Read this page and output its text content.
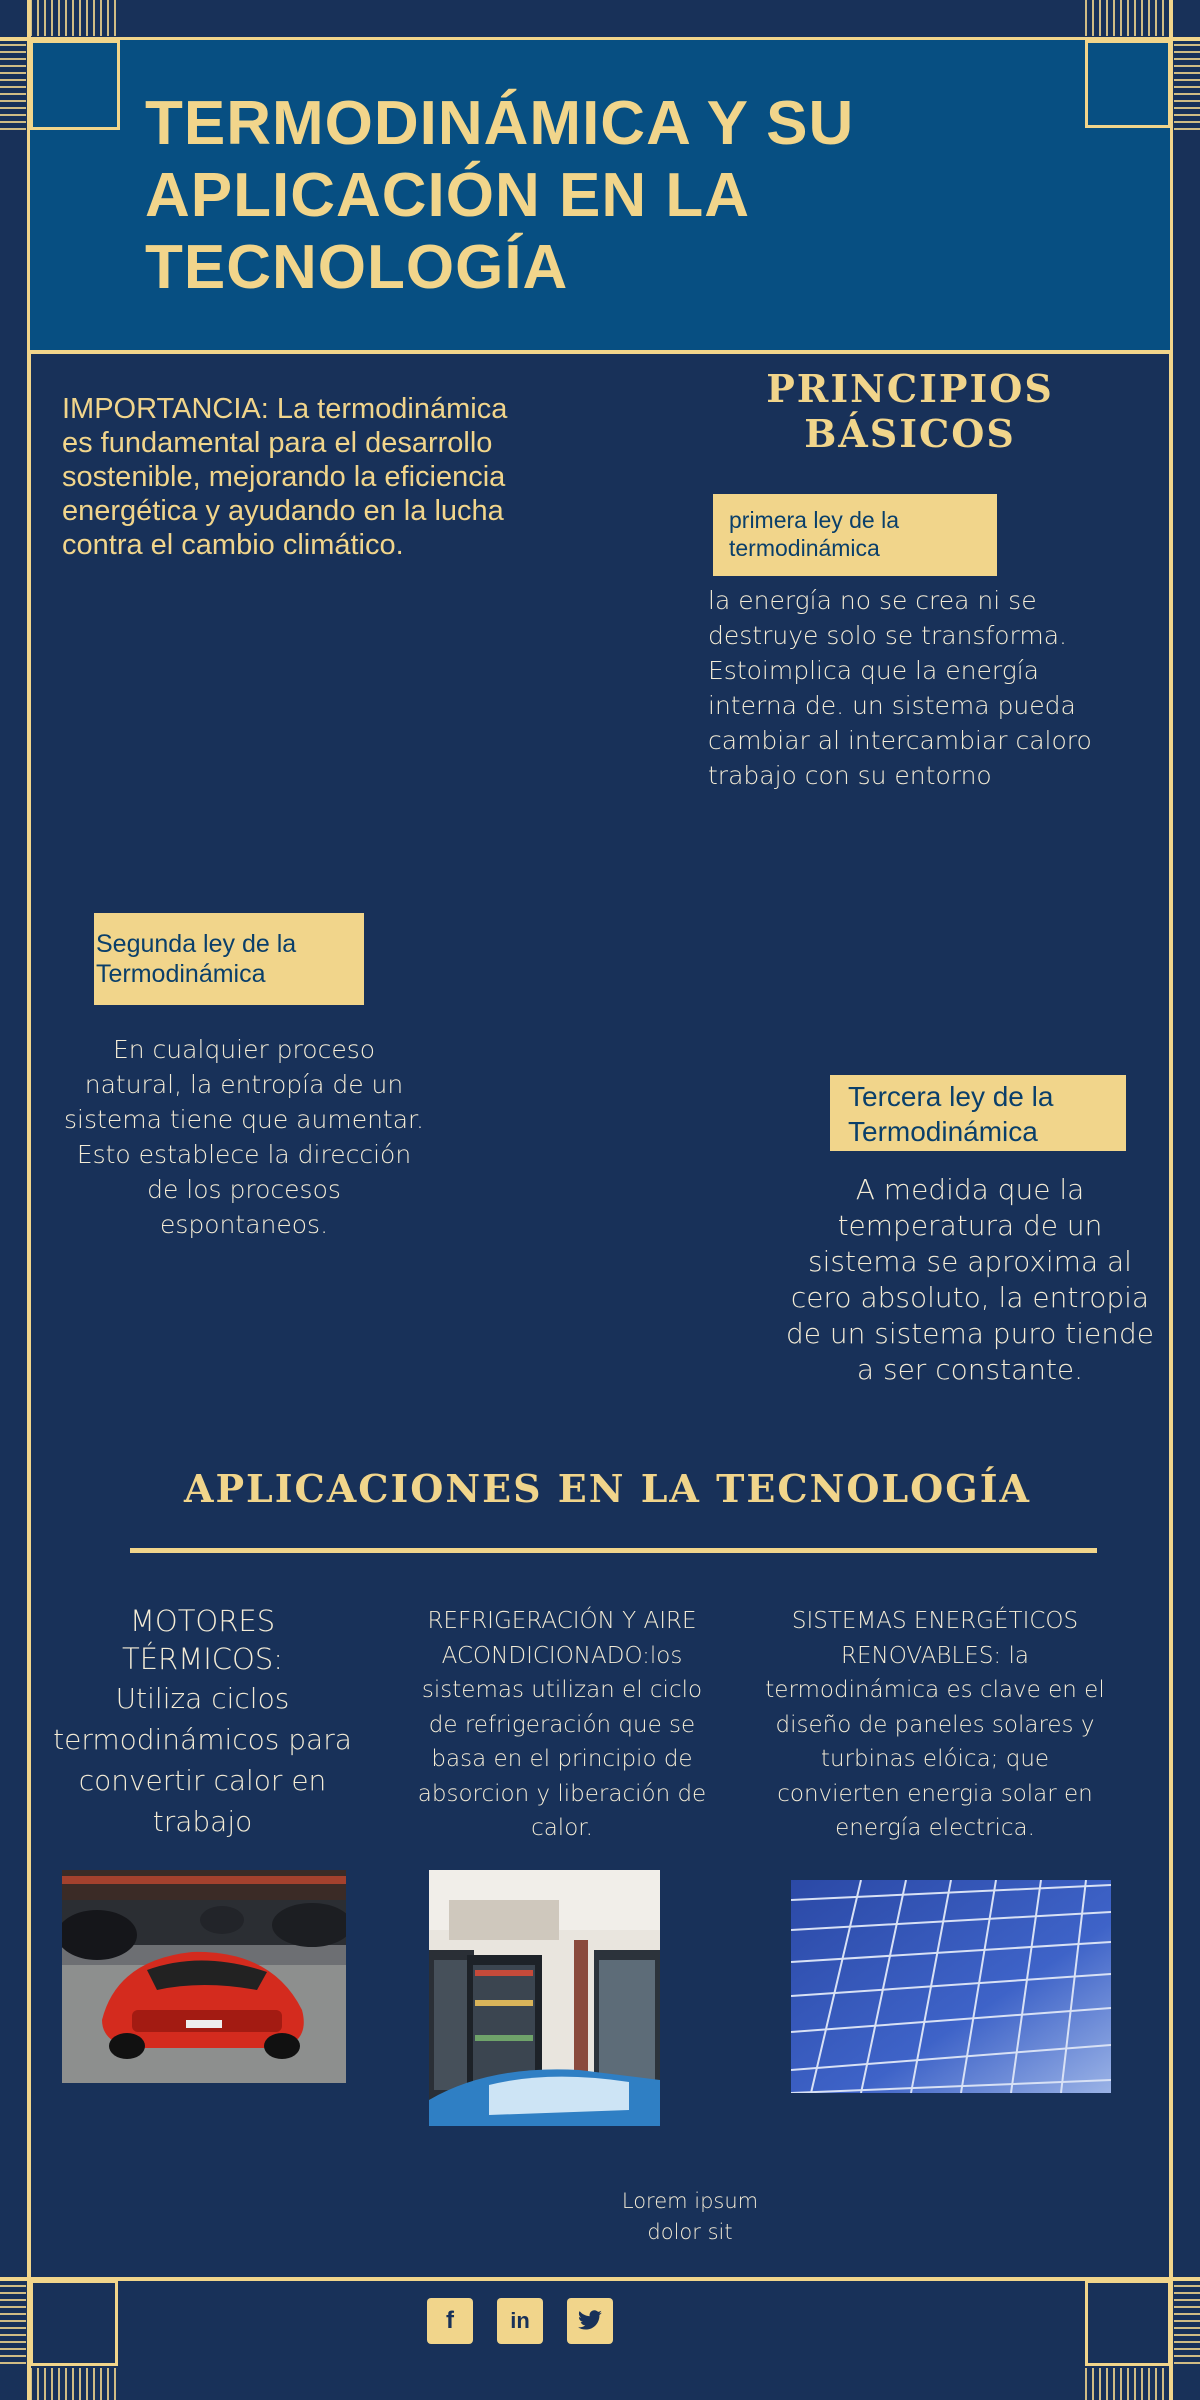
TERMODINÁMICA Y SU
APLICACIÓN EN LA
TECNOLOGÍA
IMPORTANCIA: La termodinámica es fundamental para el desarrollo sostenible, mejorando la eficiencia energética y ayudando en la lucha contra el cambio climático.
PRINCIPIOS BÁSICOS
primera ley de la termodinámica
la energía no se crea ni se destruye solo se transforma. Estoimplica que la energía interna de. un sistema pueda cambiar al intercambiar caloro trabajo con su entorno
Segunda ley de la Termodinámica
En cualquier proceso natural, la entropía de un sistema tiene que aumentar. Esto establece la dirección de los procesos espontaneos.
Tercera ley de la Termodinámica
A medida que la temperatura de un sistema se aproxima al cero absoluto, la entropia de un sistema puro tiende a ser constante.
APLICACIONES EN LA TECNOLOGÍA
MOTORES TÉRMICOS:
Utiliza ciclos termodinámicos para convertir calor en trabajo
REFRIGERACIÓN Y AIRE ACONDICIONADO:los sistemas utilizan el ciclo de refrigeración que se basa en el principio de absorcion y liberación de calor.
SISTEMAS ENERGÉTICOS RENOVABLES: la termodinámica es clave en el diseño de paneles solares y turbinas elóica; que convierten energia solar en energía electrica.
Lorem ipsum dolor sit
f	in
